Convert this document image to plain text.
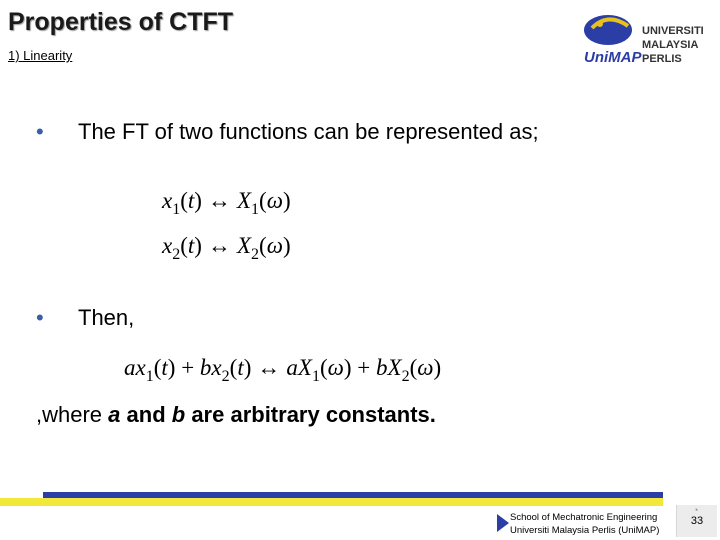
Properties of CTFT
1) Linearity	UniMAP
UNIVERSITI
MALAYSIA
PERLIS
• The FT of two functions can be represented as;
$x_1(t)$ ↔ $X_1(\omega)$
$x_2(t)$ ↔ $X_2(\omega)$
• Then,
$ax_1(t) + bx_2(t)$ ↔ $aX_1(\omega) + bX_2(\omega)$
,where a and b are arbitrary constants.
School of Mechatronic Engineering
Universiti Malaysia Perlis (UniMAP)
◔
33
